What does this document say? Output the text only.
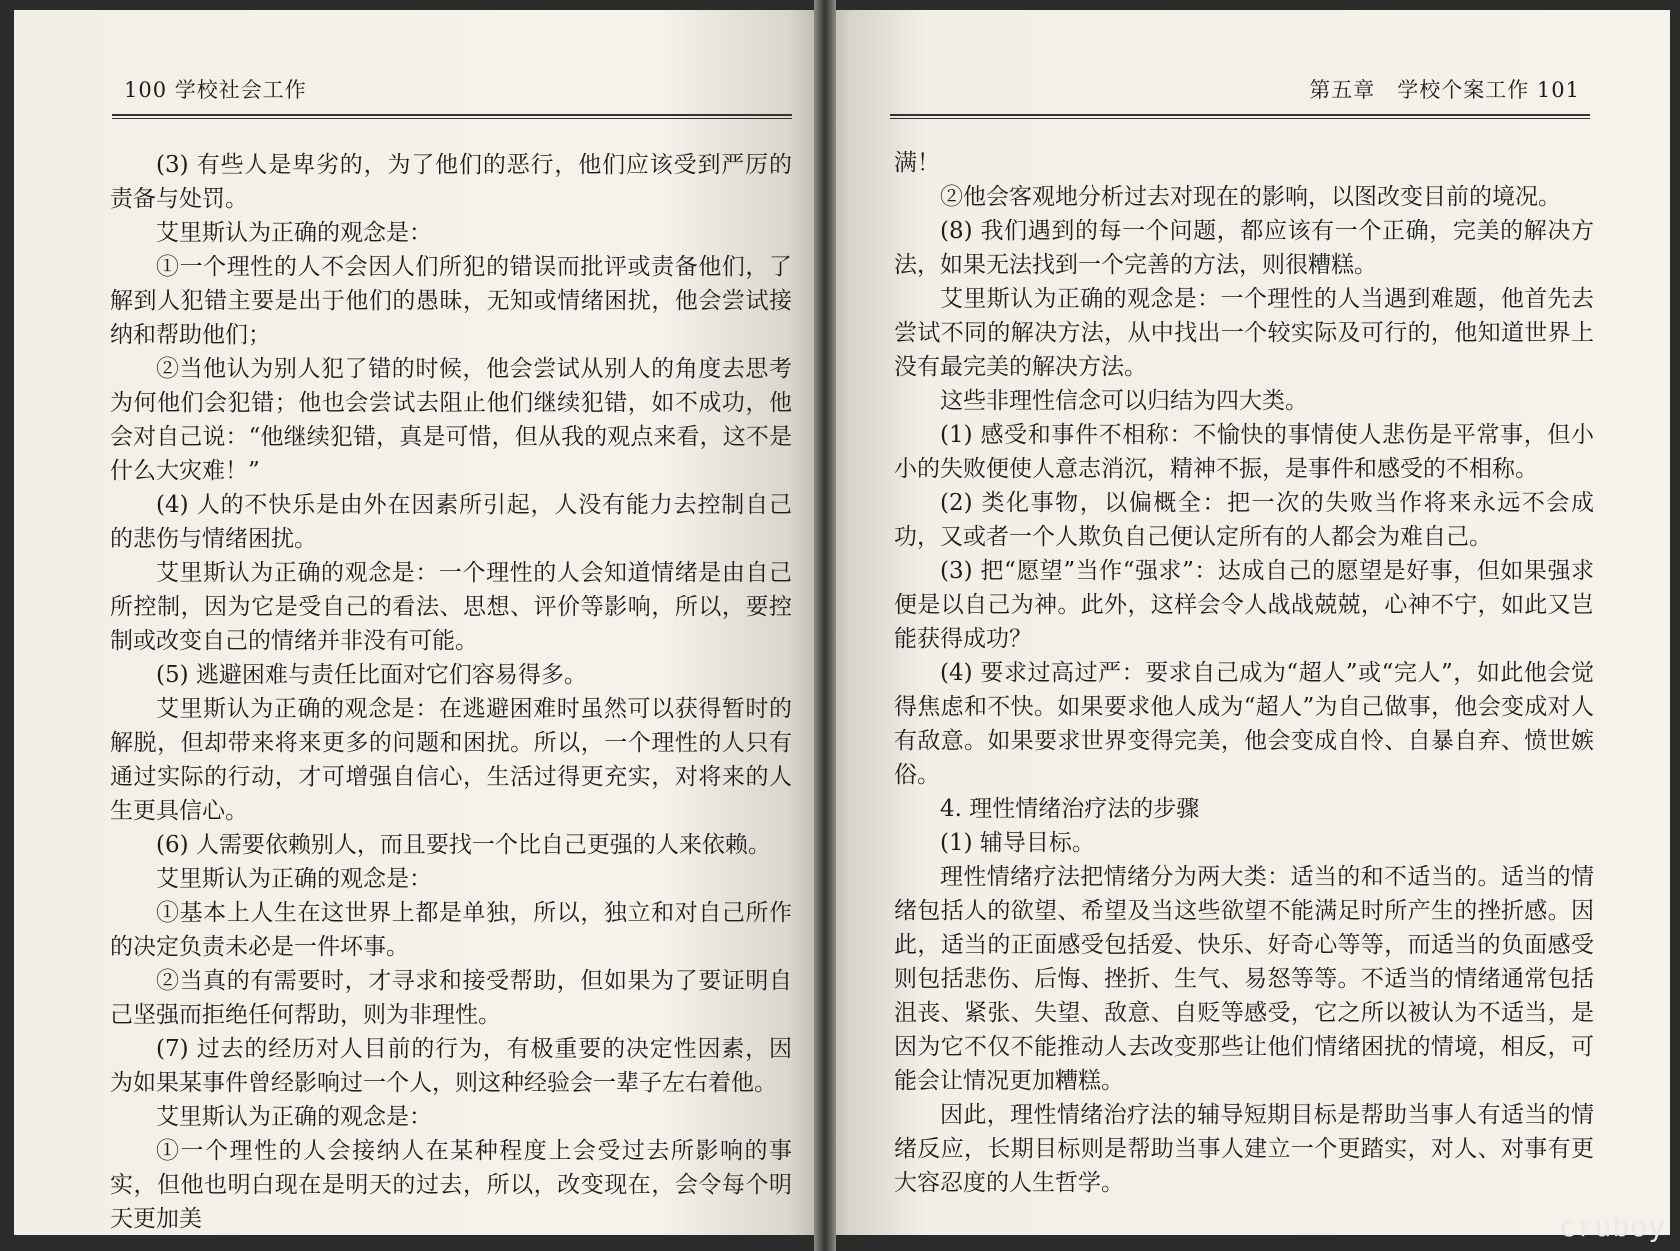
100 学校社会工作

(3) 有些人是卑劣的，为了他们的恶行，他们应该受到严厉的责备与处罚。

艾里斯认为正确的观念是：

①一个理性的人不会因人们所犯的错误而批评或责备他们，了解到人犯错主要是出于他们的愚昧，无知或情绪困扰，他会尝试接纳和帮助他们；

②当他认为别人犯了错的时候，他会尝试从别人的角度去思考为何他们会犯错；他也会尝试去阻止他们继续犯错，如不成功，他会对自己说：“他继续犯错，真是可惜，但从我的观点来看，这不是什么大灾难！”

(4) 人的不快乐是由外在因素所引起，人没有能力去控制自己的悲伤与情绪困扰。

艾里斯认为正确的观念是：一个理性的人会知道情绪是由自己所控制，因为它是受自己的看法、思想、评价等影响，所以，要控制或改变自己的情绪并非没有可能。

(5) 逃避困难与责任比面对它们容易得多。

艾里斯认为正确的观念是：在逃避困难时虽然可以获得暂时的解脱，但却带来将来更多的问题和困扰。所以，一个理性的人只有通过实际的行动，才可增强自信心，生活过得更充实，对将来的人生更具信心。

(6) 人需要依赖别人，而且要找一个比自己更强的人来依赖。

艾里斯认为正确的观念是：

①基本上人生在这世界上都是单独，所以，独立和对自己所作的决定负责未必是一件坏事。

②当真的有需要时，才寻求和接受帮助，但如果为了要证明自己坚强而拒绝任何帮助，则为非理性。

(7) 过去的经历对人目前的行为，有极重要的决定性因素，因为如果某事件曾经影响过一个人，则这种经验会一辈子左右着他。

艾里斯认为正确的观念是：

①一个理性的人会接纳人在某种程度上会受过去所影响的事实，但他也明白现在是明天的过去，所以，改变现在，会令每个明天更加美

第五章　学校个案工作 101

满！

②他会客观地分析过去对现在的影响，以图改变目前的境况。

(8) 我们遇到的每一个问题，都应该有一个正确，完美的解决方法，如果无法找到一个完善的方法，则很糟糕。

艾里斯认为正确的观念是：一个理性的人当遇到难题，他首先去尝试不同的解决方法，从中找出一个较实际及可行的，他知道世界上没有最完美的解决方法。

这些非理性信念可以归结为四大类。

(1) 感受和事件不相称：不愉快的事情使人悲伤是平常事，但小小的失败便使人意志消沉，精神不振，是事件和感受的不相称。

(2) 类化事物，以偏概全：把一次的失败当作将来永远不会成功，又或者一个人欺负自己便认定所有的人都会为难自己。

(3) 把“愿望”当作“强求”：达成自己的愿望是好事，但如果强求便是以自己为神。此外，这样会令人战战兢兢，心神不宁，如此又岂能获得成功？

(4) 要求过高过严：要求自己成为“超人”或“完人”，如此他会觉得焦虑和不快。如果要求他人成为“超人”为自己做事，他会变成对人有敌意。如果要求世界变得完美，他会变成自怜、自暴自弃、愤世嫉俗。

4. 理性情绪治疗法的步骤

(1) 辅导目标。

理性情绪疗法把情绪分为两大类：适当的和不适当的。适当的情绪包括人的欲望、希望及当这些欲望不能满足时所产生的挫折感。因此，适当的正面感受包括爱、快乐、好奇心等等，而适当的负面感受则包括悲伤、后悔、挫折、生气、易怒等等。不适当的情绪通常包括沮丧、紧张、失望、敌意、自贬等感受，它之所以被认为不适当，是因为它不仅不能推动人去改变那些让他们情绪困扰的情境，相反，可能会让情况更加糟糕。

因此，理性情绪治疗法的辅导短期目标是帮助当事人有适当的情绪反应，长期目标则是帮助当事人建立一个更踏实，对人、对事有更大容忍度的人生哲学。

cruboy
